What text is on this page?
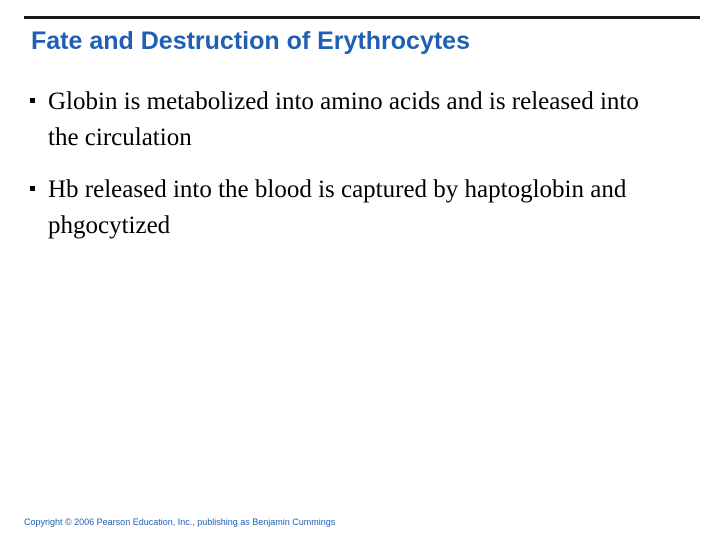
Fate and Destruction of Erythrocytes
Globin is metabolized into amino acids and is released into the circulation
Hb released into the blood is captured by haptoglobin and phgocytized

Copyright © 2006 Pearson Education, Inc., publishing as Benjamin Cummings
